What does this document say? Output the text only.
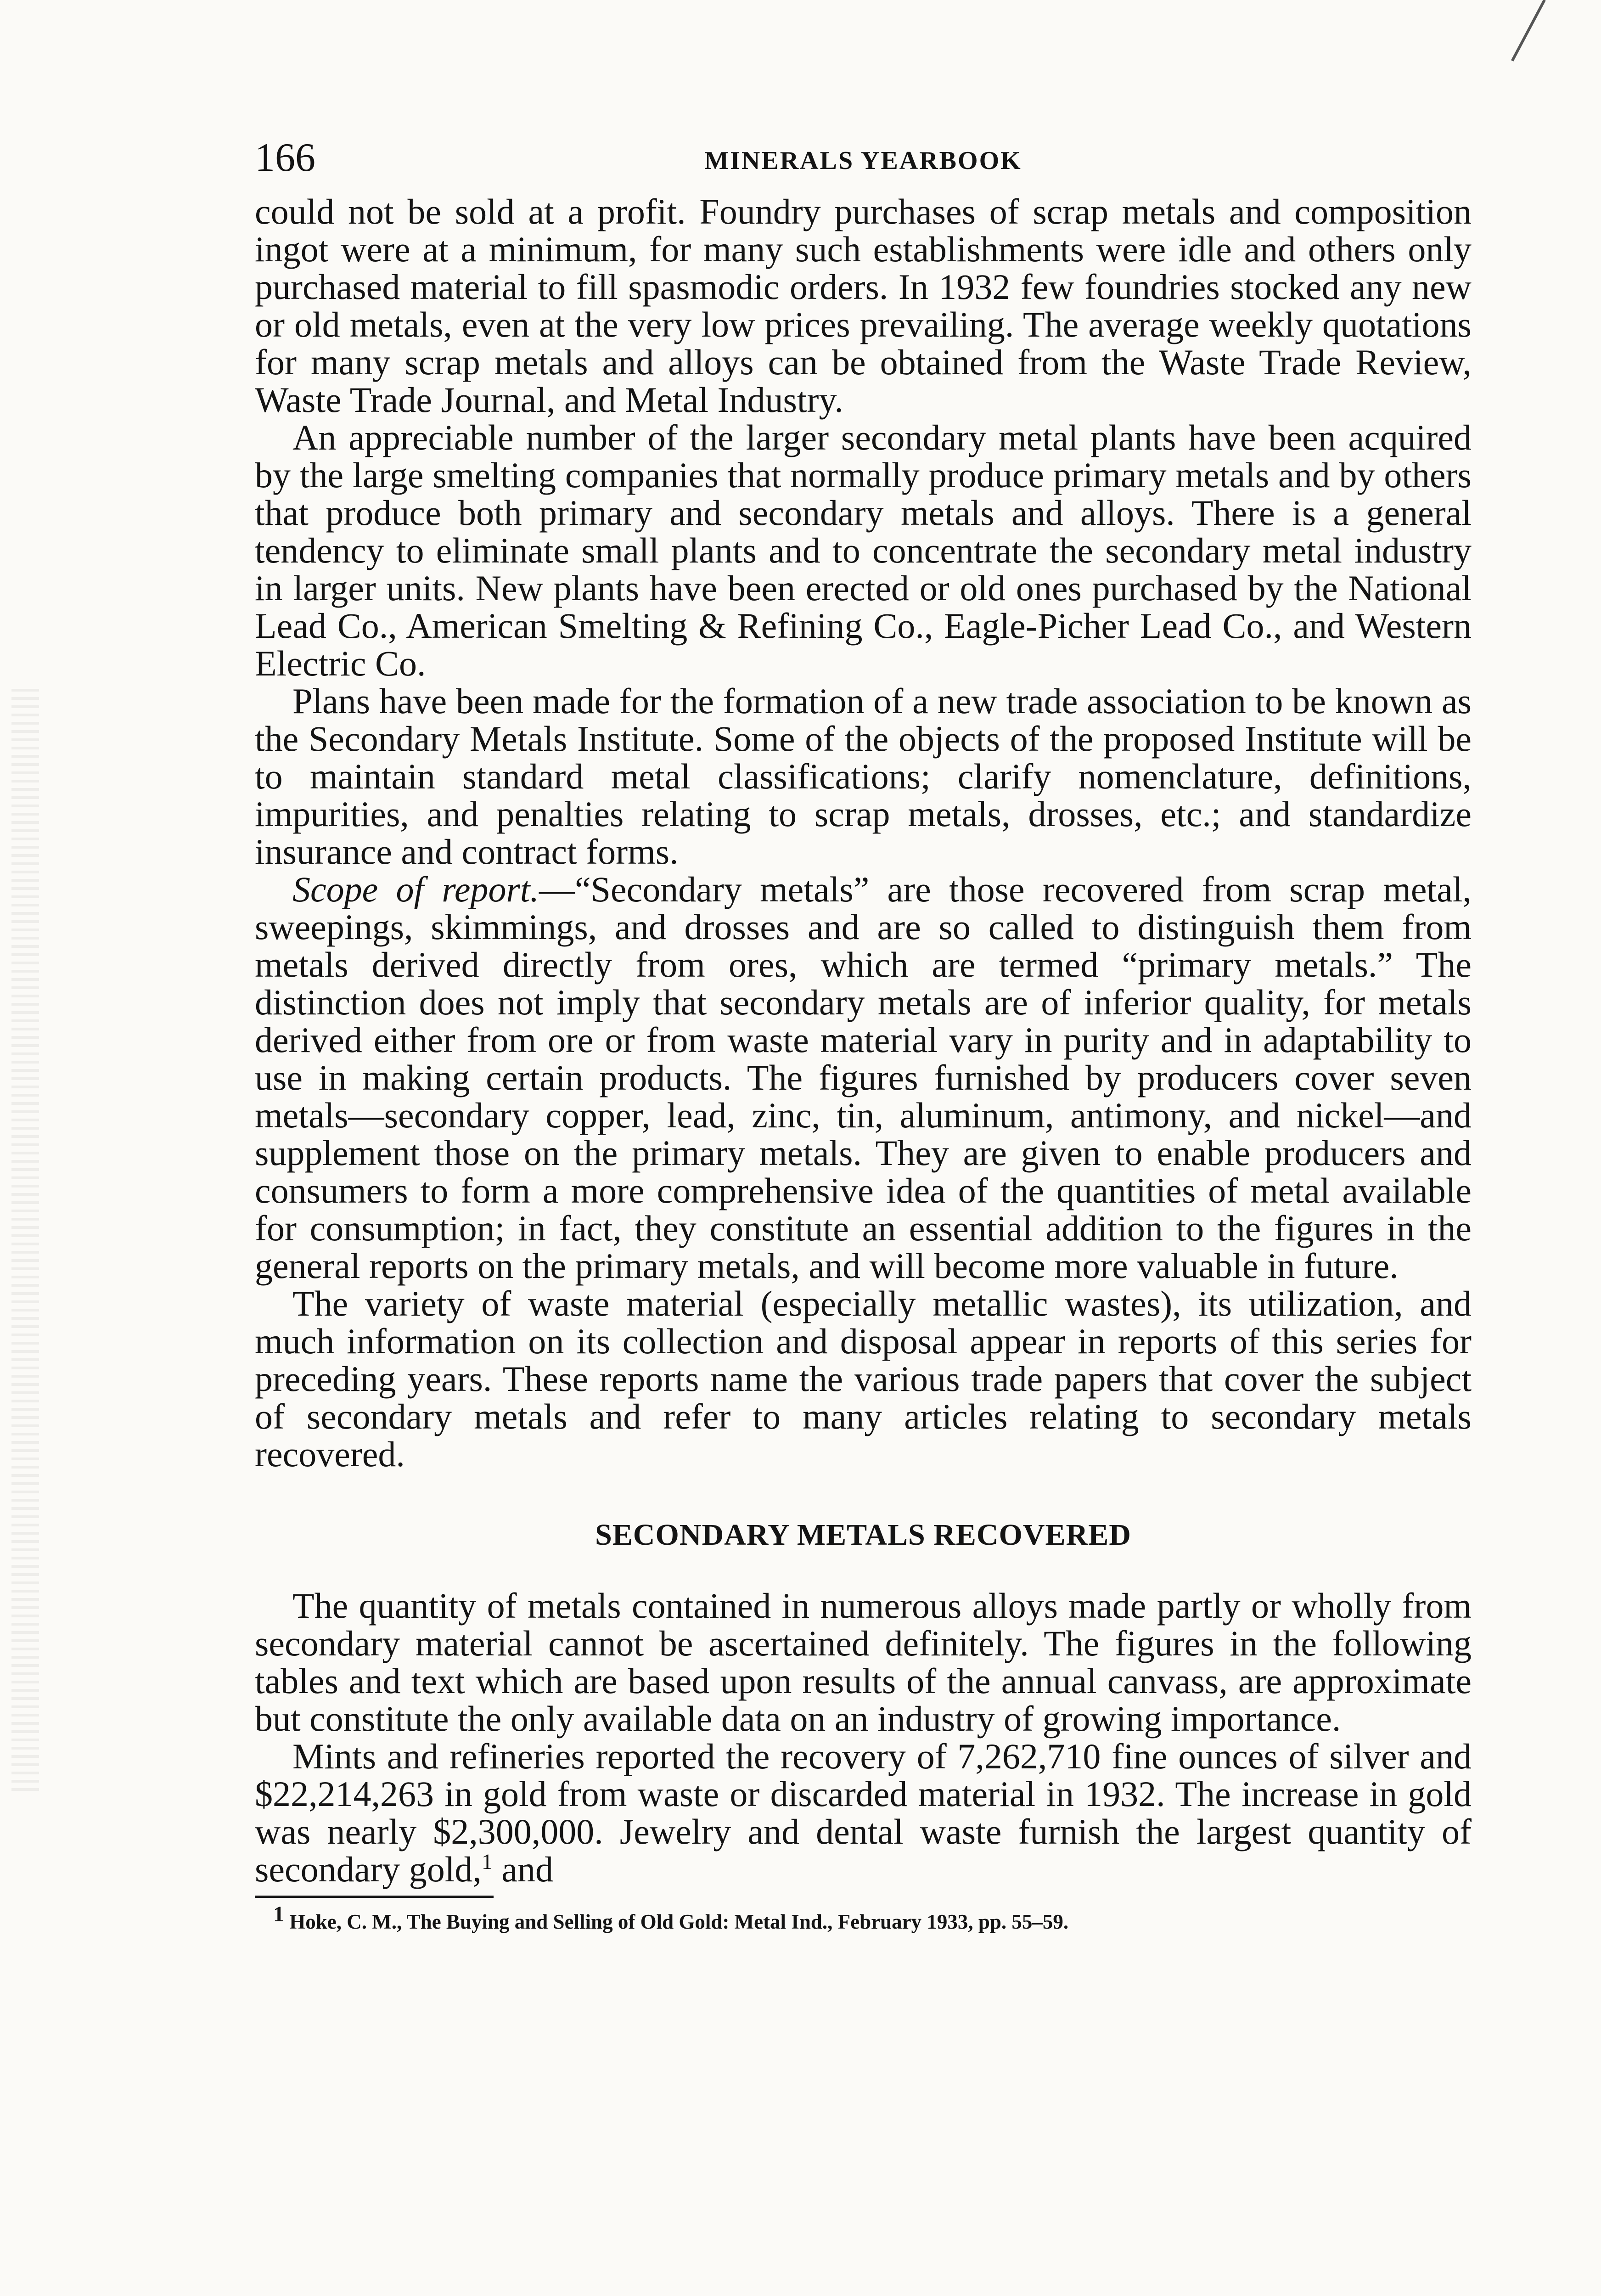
166	MINERALS YEARBOOK

could not be sold at a profit. Foundry purchases of scrap metals and composition ingot were at a minimum, for many such establishments were idle and others only purchased material to fill spasmodic orders. In 1932 few foundries stocked any new or old metals, even at the very low prices prevailing. The average weekly quotations for many scrap metals and alloys can be obtained from the Waste Trade Review, Waste Trade Journal, and Metal Industry.

An appreciable number of the larger secondary metal plants have been acquired by the large smelting companies that normally produce primary metals and by others that produce both primary and secondary metals and alloys. There is a general tendency to eliminate small plants and to concentrate the secondary metal industry in larger units. New plants have been erected or old ones purchased by the National Lead Co., American Smelting & Refining Co., Eagle-Picher Lead Co., and Western Electric Co.

Plans have been made for the formation of a new trade association to be known as the Secondary Metals Institute. Some of the objects of the proposed Institute will be to maintain standard metal classifications; clarify nomenclature, definitions, impurities, and penalties relating to scrap metals, drosses, etc.; and standardize insurance and contract forms.

Scope of report.—“Secondary metals” are those recovered from scrap metal, sweepings, skimmings, and drosses and are so called to distinguish them from metals derived directly from ores, which are termed “primary metals.” The distinction does not imply that secondary metals are of inferior quality, for metals derived either from ore or from waste material vary in purity and in adaptability to use in making certain products. The figures furnished by producers cover seven metals—secondary copper, lead, zinc, tin, aluminum, antimony, and nickel—and supplement those on the primary metals. They are given to enable producers and consumers to form a more comprehensive idea of the quantities of metal available for consumption; in fact, they constitute an essential addition to the figures in the general reports on the primary metals, and will become more valuable in future.

The variety of waste material (especially metallic wastes), its utilization, and much information on its collection and disposal appear in reports of this series for preceding years. These reports name the various trade papers that cover the subject of secondary metals and refer to many articles relating to secondary metals recovered.

SECONDARY METALS RECOVERED

The quantity of metals contained in numerous alloys made partly or wholly from secondary material cannot be ascertained definitely. The figures in the following tables and text which are based upon results of the annual canvass, are approximate but constitute the only available data on an industry of growing importance.

Mints and refineries reported the recovery of 7,262,710 fine ounces of silver and $22,214,263 in gold from waste or discarded material in 1932. The increase in gold was nearly $2,300,000. Jewelry and dental waste furnish the largest quantity of secondary gold,$^1$ and

$^1$ Hoke, C. M., The Buying and Selling of Old Gold: Metal Ind., February 1933, pp. 55–59.
